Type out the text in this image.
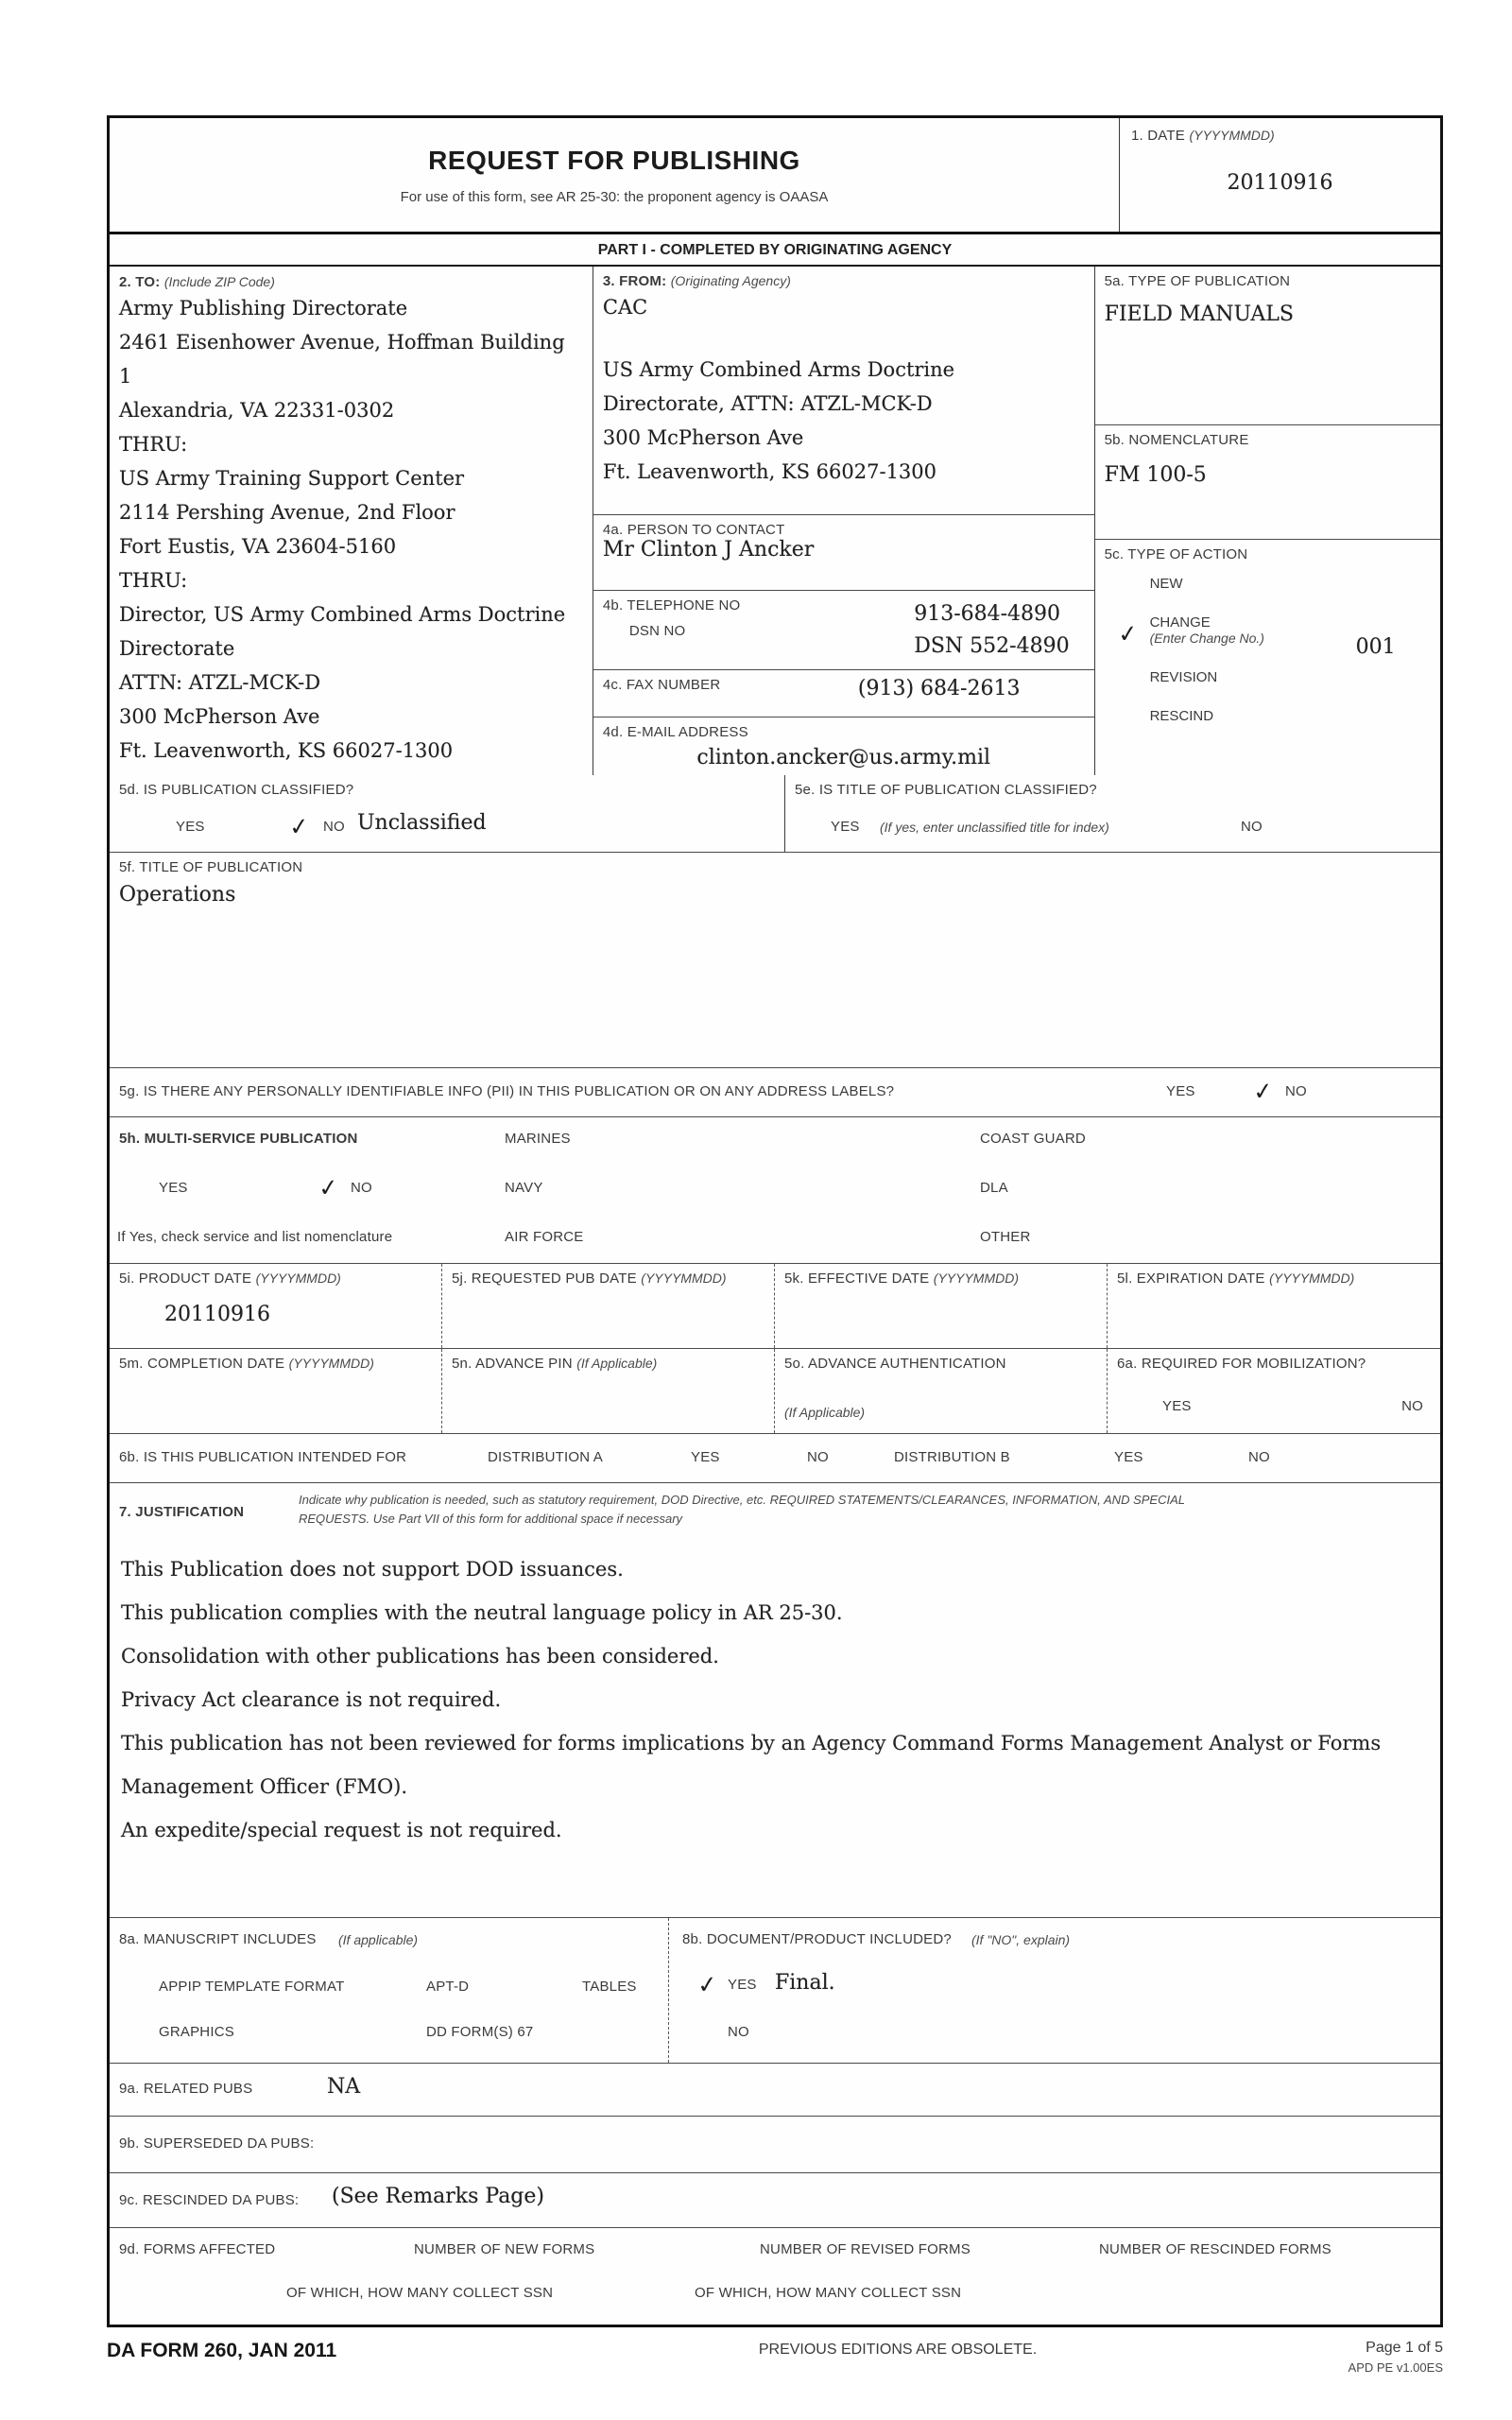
REQUEST FOR PUBLISHING
For use of this form, see AR 25-30: the proponent agency is OAASA
1. DATE (YYYYMMDD)
20110916
PART I - COMPLETED BY ORIGINATING AGENCY
2. TO: (Include ZIP Code)
Army Publishing Directorate
2461 Eisenhower Avenue, Hoffman Building 1
Alexandria, VA 22331-0302
THRU:
US Army Training Support Center
2114 Pershing Avenue, 2nd Floor
Fort Eustis, VA 23604-5160
THRU:
Director, US Army Combined Arms Doctrine
Directorate
ATTN: ATZL-MCK-D
300 McPherson Ave
Ft. Leavenworth, KS 66027-1300
3. FROM: (Originating Agency)
CAC
US Army Combined Arms Doctrine
Directorate, ATTN: ATZL-MCK-D
300 McPherson Ave
Ft. Leavenworth, KS 66027-1300
4a. PERSON TO CONTACT
Mr Clinton J Ancker
4b. TELEPHONE NO
DSN NO
913-684-4890
DSN 552-4890
4c. FAX NUMBER	(913) 684-2613
4d. E-MAIL ADDRESS
clinton.ancker@us.army.mil
5a. TYPE OF PUBLICATION
FIELD MANUALS
5b. NOMENCLATURE
FM 100-5
5c. TYPE OF ACTION
NEW
✓ CHANGE
(Enter Change No.)	001
REVISION
RESCIND
5d. IS PUBLICATION CLASSIFIED?
YES	✓ NO Unclassified
5e. IS TITLE OF PUBLICATION CLASSIFIED?
YES (If yes, enter unclassified title for index)	NO
5f. TITLE OF PUBLICATION
Operations
5g. IS THERE ANY PERSONALLY IDENTIFIABLE INFO (PII) IN THIS PUBLICATION OR ON ANY ADDRESS LABELS?	YES ✓ NO
5h. MULTI-SERVICE PUBLICATION	MARINES	COAST GUARD
YES	✓ NO	NAVY	DLA
If Yes, check service and list nomenclature	AIR FORCE	OTHER
5i. PRODUCT DATE (YYYYMMDD)
20110916
5j. REQUESTED PUB DATE (YYYYMMDD)	5k. EFFECTIVE DATE (YYYYMMDD)	5l. EXPIRATION DATE (YYYYMMDD)
5m. COMPLETION DATE (YYYYMMDD)	5n. ADVANCE PIN (If Applicable)	5o. ADVANCE AUTHENTICATION
(If Applicable)
6a. REQUIRED FOR MOBILIZATION?
YES	NO
6b. IS THIS PUBLICATION INTENDED FOR	DISTRIBUTION A	YES	NO	DISTRIBUTION B	YES	NO
7. JUSTIFICATION
Indicate why publication is needed, such as statutory requirement, DOD Directive, etc. REQUIRED STATEMENTS/CLEARANCES, INFORMATION, AND SPECIAL
REQUESTS. Use Part VII of this form for additional space if necessary
This Publication does not support DOD issuances.
This publication complies with the neutral language policy in AR 25-30.
Consolidation with other publications has been considered.
Privacy Act clearance is not required.
This publication has not been reviewed for forms implications by an Agency Command Forms Management Analyst or Forms Management Officer (FMO).
An expedite/special request is not required.
8a. MANUSCRIPT INCLUDES (If applicable)
APPIP TEMPLATE FORMAT	APT-D	TABLES
GRAPHICS	DD FORM(S) 67
8b. DOCUMENT/PRODUCT INCLUDED? (If "NO", explain)
✓ YES Final.
NO
9a. RELATED PUBS	NA
9b. SUPERSEDED DA PUBS:
9c. RESCINDED DA PUBS: (See Remarks Page)
9d. FORMS AFFECTED	NUMBER OF NEW FORMS	NUMBER OF REVISED FORMS	NUMBER OF RESCINDED FORMS
OF WHICH, HOW MANY COLLECT SSN	OF WHICH, HOW MANY COLLECT SSN
DA FORM 260, JAN 2011	PREVIOUS EDITIONS ARE OBSOLETE.	Page 1 of 5
APD PE v1.00ES
